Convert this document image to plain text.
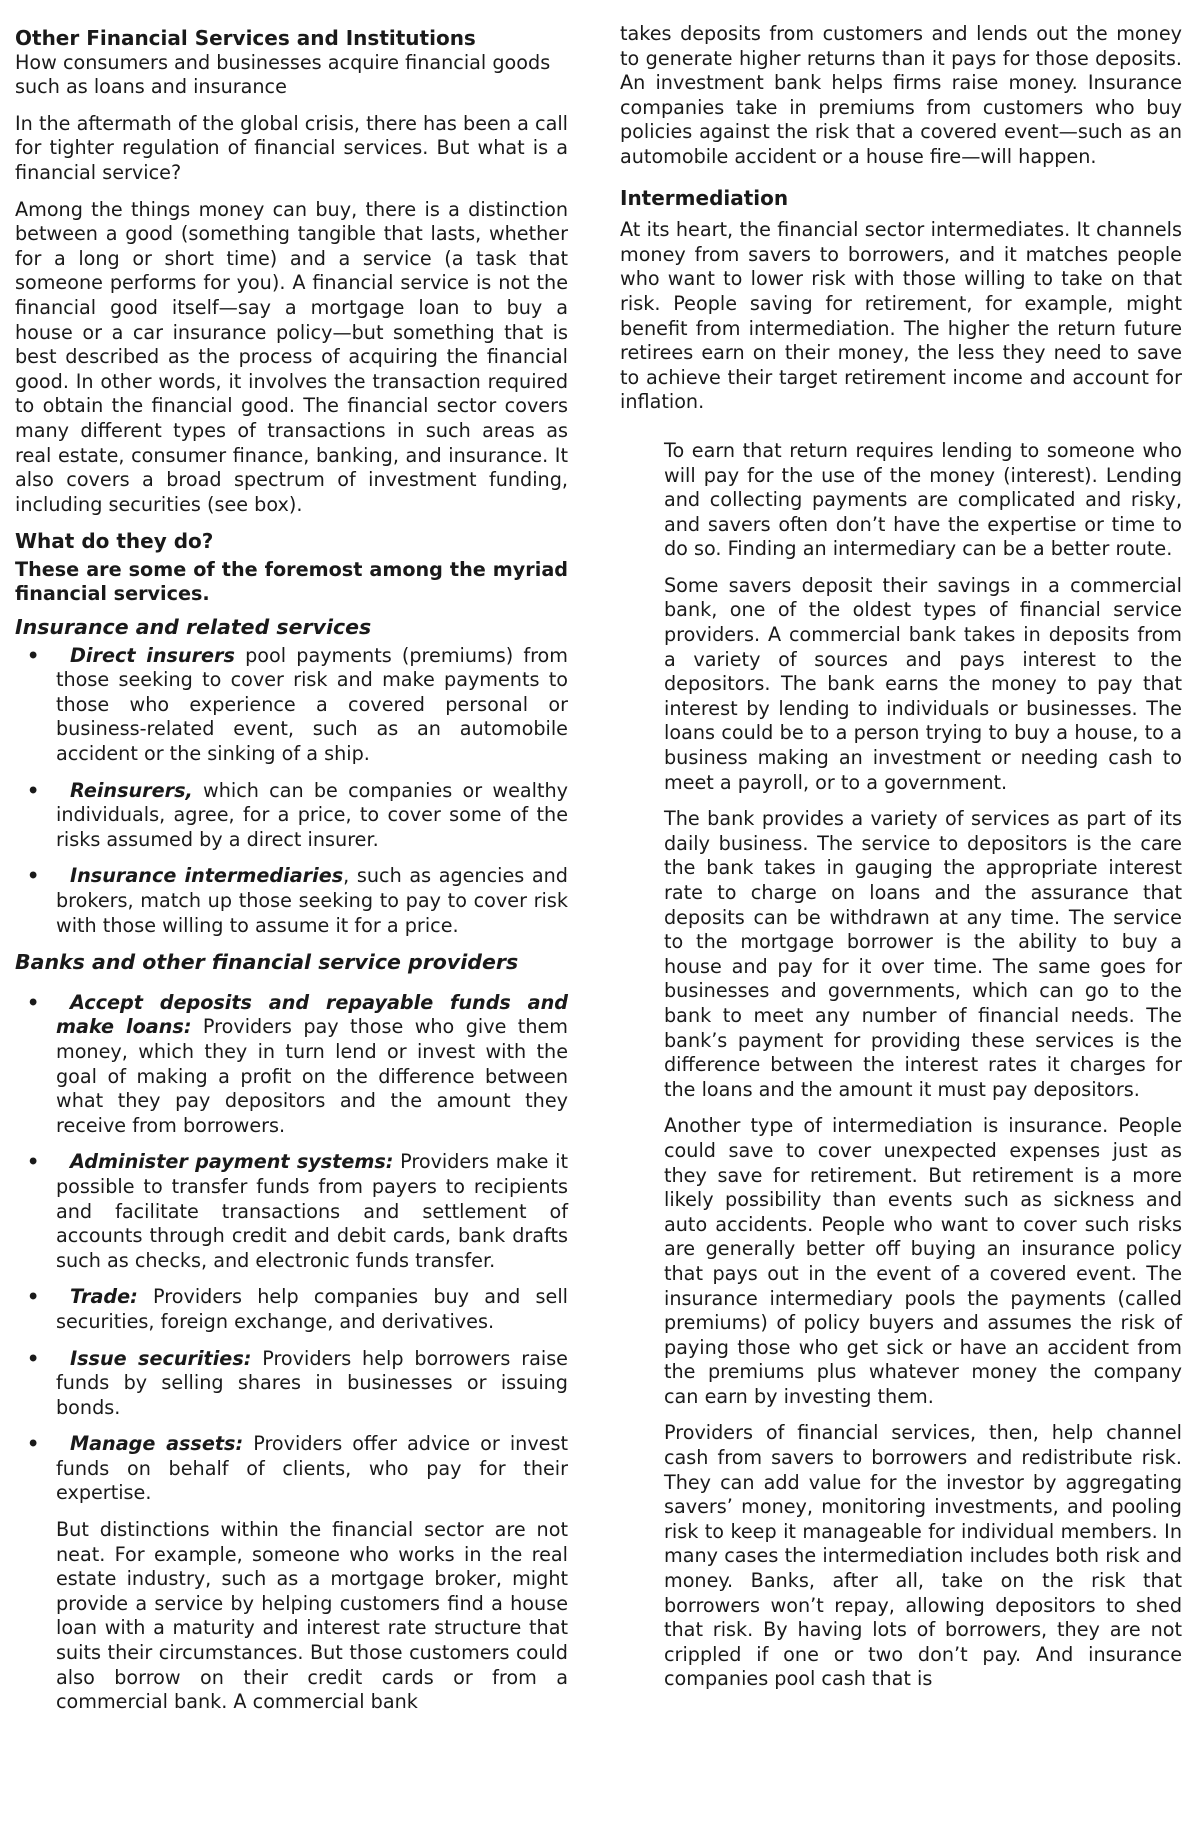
Other Financial Services and Institutions

How consumers and businesses acquire financial goods such as loans and insurance

In the aftermath of the global crisis, there has been a call for tighter regulation of financial services. But what is a financial service?

Among the things money can buy, there is a distinction between a good (something tangible that lasts, whether for a long or short time) and a service (a task that someone performs for you). A financial service is not the financial good itself—say a mortgage loan to buy a house or a car insurance policy—but something that is best described as the process of acquiring the financial good. In other words, it involves the transaction required to obtain the financial good. The financial sector covers many different types of transactions in such areas as real estate, consumer finance, banking, and insurance. It also covers a broad spectrum of investment funding, including securities (see box).

What do they do?

These are some of the foremost among the myriad financial services.

Insurance and related services
• Direct insurers pool payments (premiums) from those seeking to cover risk and make payments to those who experience a covered personal or business-related event, such as an automobile accident or the sinking of a ship.
• Reinsurers, which can be companies or wealthy individuals, agree, for a price, to cover some of the risks assumed by a direct insurer.
• Insurance intermediaries, such as agencies and brokers, match up those seeking to pay to cover risk with those willing to assume it for a price.
Banks and other financial service providers
• Accept deposits and repayable funds and make loans: Providers pay those who give them money, which they in turn lend or invest with the goal of making a profit on the difference between what they pay depositors and the amount they receive from borrowers.
• Administer payment systems: Providers make it possible to transfer funds from payers to recipients and facilitate transactions and settlement of accounts through credit and debit cards, bank drafts such as checks, and electronic funds transfer.
• Trade: Providers help companies buy and sell securities, foreign exchange, and derivatives.
• Issue securities: Providers help borrowers raise funds by selling shares in businesses or issuing bonds.
• Manage assets: Providers offer advice or invest funds on behalf of clients, who pay for their expertise.

But distinctions within the financial sector are not neat. For example, someone who works in the real estate industry, such as a mortgage broker, might provide a service by helping customers find a house loan with a maturity and interest rate structure that suits their circumstances. But those customers could also borrow on their credit cards or from a commercial bank. A commercial bank

takes deposits from customers and lends out the money to generate higher returns than it pays for those deposits. An investment bank helps firms raise money. Insurance companies take in premiums from customers who buy policies against the risk that a covered event—such as an automobile accident or a house fire—will happen.

Intermediation

At its heart, the financial sector intermediates. It channels money from savers to borrowers, and it matches people who want to lower risk with those willing to take on that risk. People saving for retirement, for example, might benefit from intermediation. The higher the return future retirees earn on their money, the less they need to save to achieve their target retirement income and account for inflation.

To earn that return requires lending to someone who will pay for the use of the money (interest). Lending and collecting payments are complicated and risky, and savers often don’t have the expertise or time to do so. Finding an intermediary can be a better route.

Some savers deposit their savings in a commercial bank, one of the oldest types of financial service providers. A commercial bank takes in deposits from a variety of sources and pays interest to the depositors. The bank earns the money to pay that interest by lending to individuals or businesses. The loans could be to a person trying to buy a house, to a business making an investment or needing cash to meet a payroll, or to a government.

The bank provides a variety of services as part of its daily business. The service to depositors is the care the bank takes in gauging the appropriate interest rate to charge on loans and the assurance that deposits can be withdrawn at any time. The service to the mortgage borrower is the ability to buy a house and pay for it over time. The same goes for businesses and governments, which can go to the bank to meet any number of financial needs. The bank’s payment for providing these services is the difference between the interest rates it charges for the loans and the amount it must pay depositors.

Another type of intermediation is insurance. People could save to cover unexpected expenses just as they save for retirement. But retirement is a more likely possibility than events such as sickness and auto accidents. People who want to cover such risks are generally better off buying an insurance policy that pays out in the event of a covered event. The insurance intermediary pools the payments (called premiums) of policy buyers and assumes the risk of paying those who get sick or have an accident from the premiums plus whatever money the company can earn by investing them.

Providers of financial services, then, help channel cash from savers to borrowers and redistribute risk. They can add value for the investor by aggregating savers’ money, monitoring investments, and pooling risk to keep it manageable for individual members. In many cases the intermediation includes both risk and money. Banks, after all, take on the risk that borrowers won’t repay, allowing depositors to shed that risk. By having lots of borrowers, they are not crippled if one or two don’t pay. And insurance companies pool cash that is
